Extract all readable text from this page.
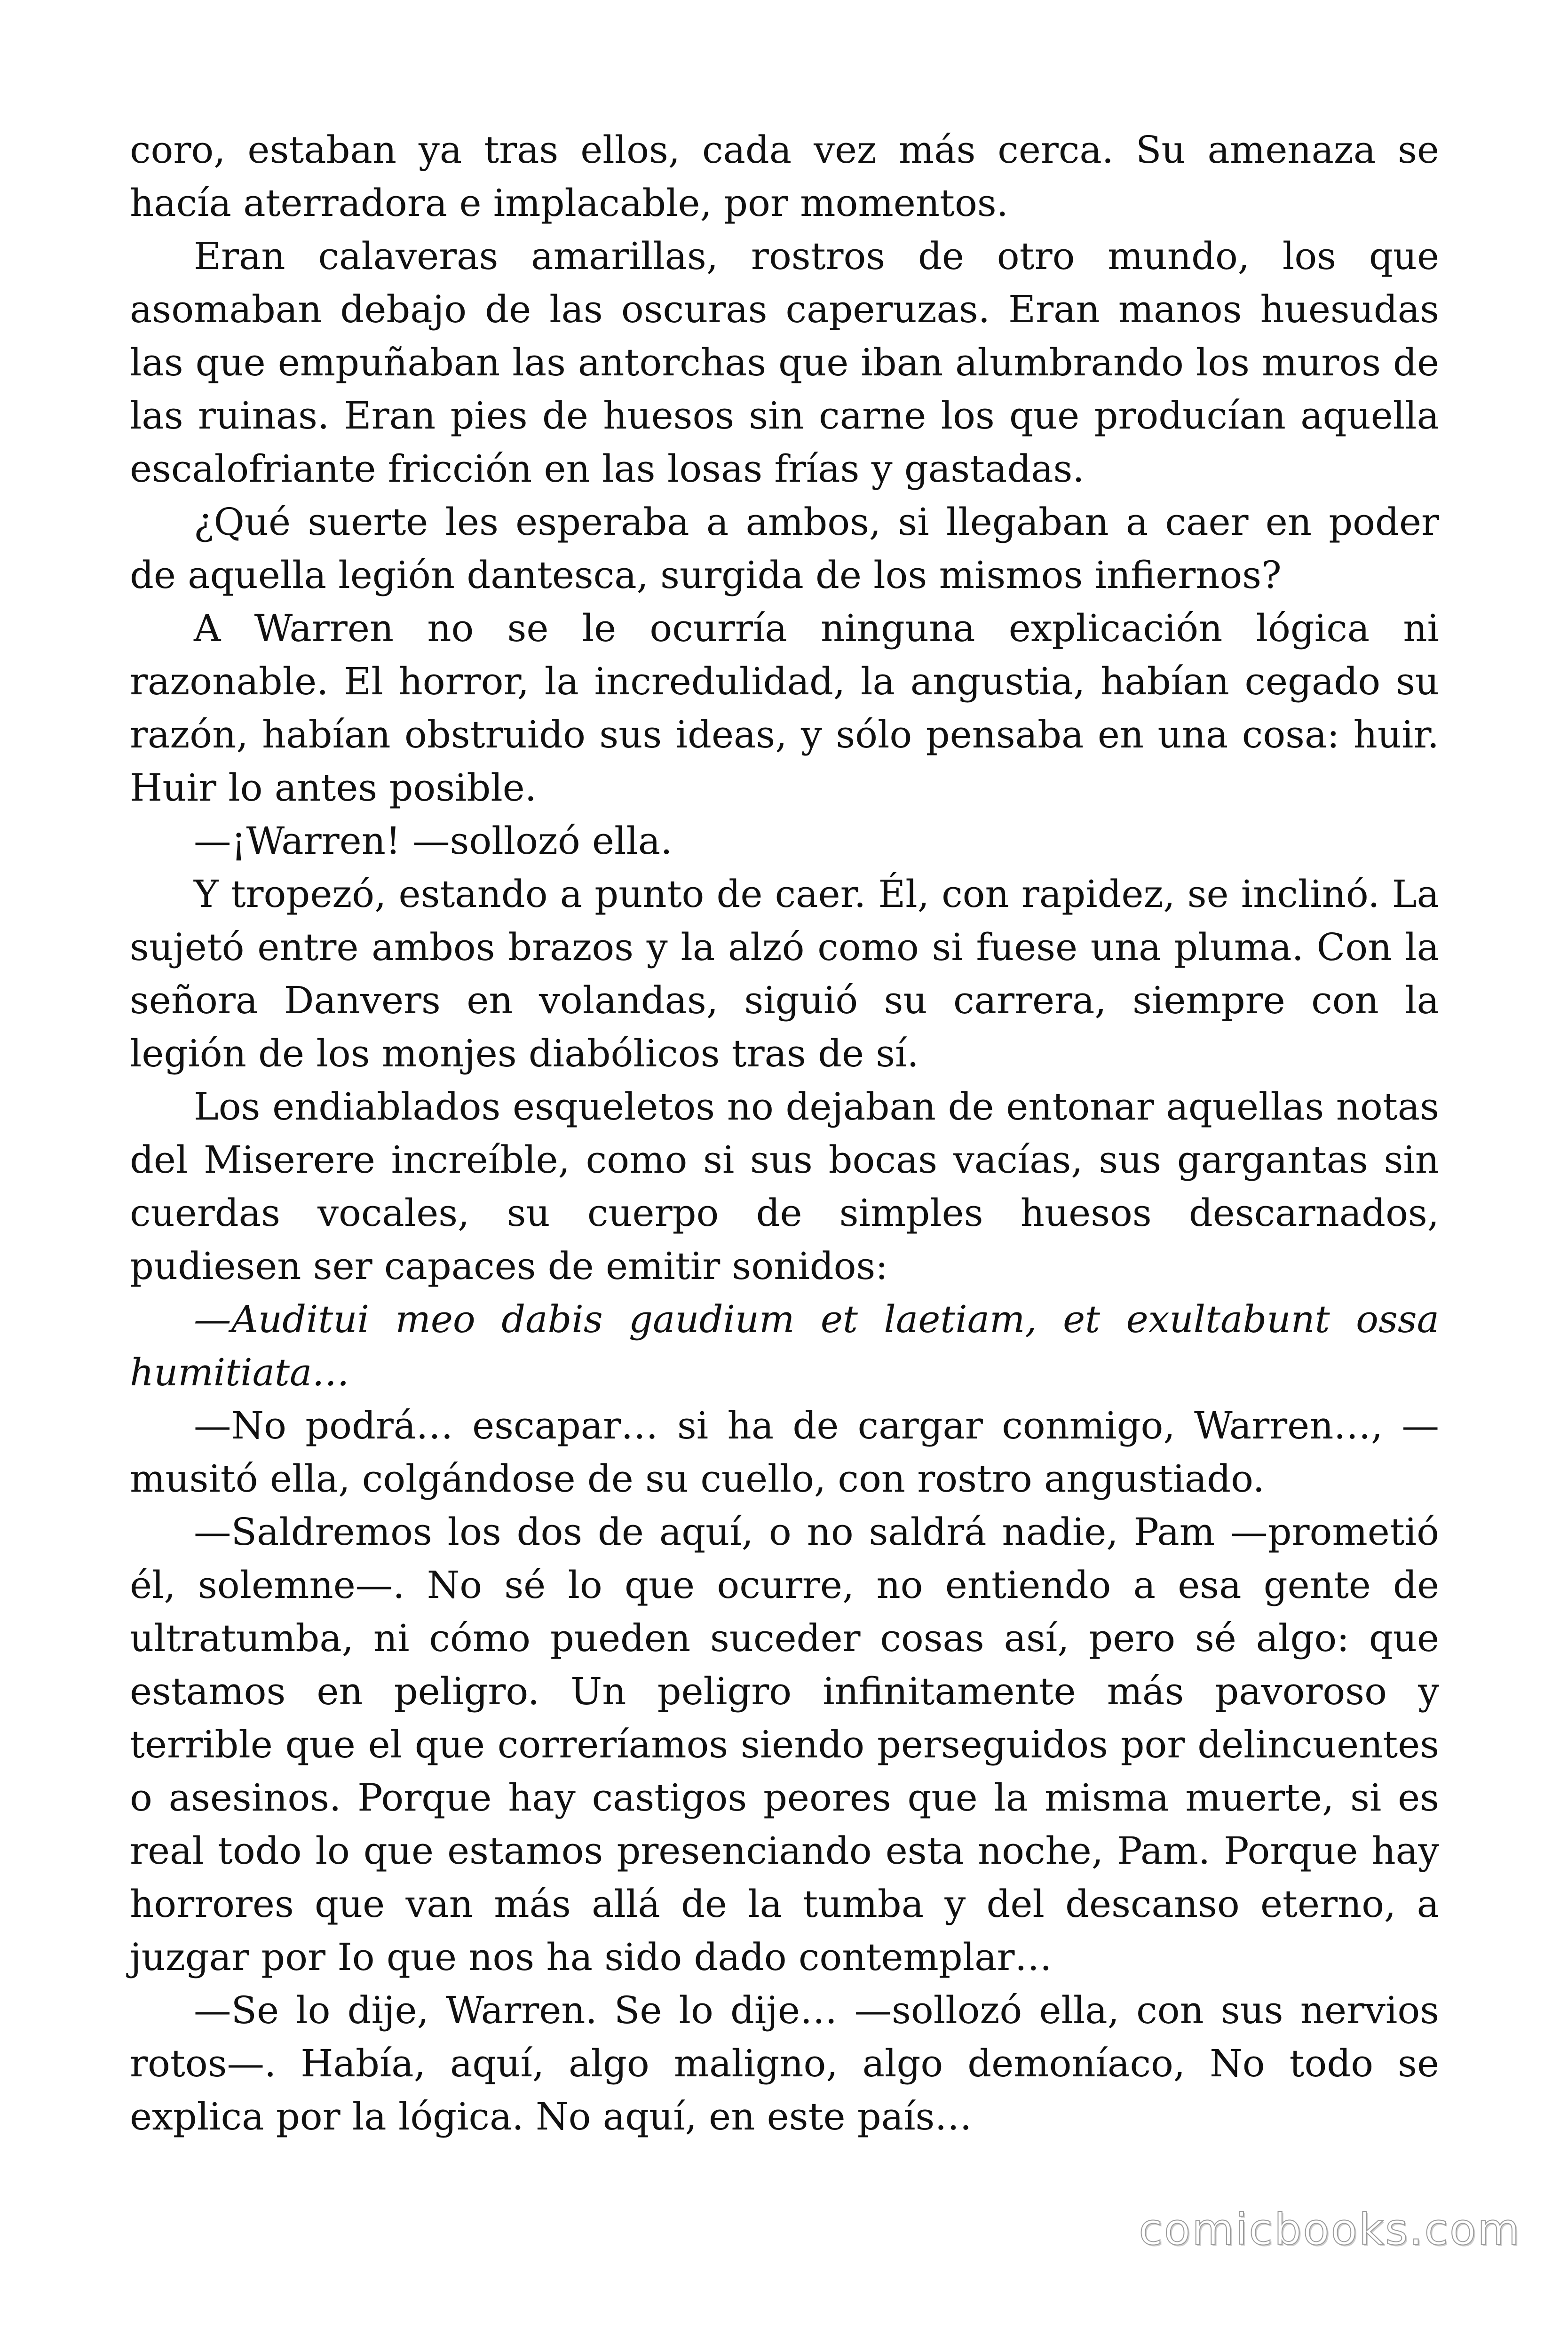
coro, estaban ya tras ellos, cada vez más cerca. Su amenaza se hacía aterradora e implacable, por momentos.

Eran calaveras amarillas, rostros de otro mundo, los que asomaban debajo de las oscuras caperuzas. Eran manos huesudas las que empuñaban las antorchas que iban alumbrando los muros de las ruinas. Eran pies de huesos sin carne los que producían aquella escalofriante fricción en las losas frías y gastadas.

¿Qué suerte les esperaba a ambos, si llegaban a caer en poder de aquella legión dantesca, surgida de los mismos infiernos?

A Warren no se le ocurría ninguna explicación lógica ni razonable. El horror, la incredulidad, la angustia, habían cegado su razón, habían obstruido sus ideas, y sólo pensaba en una cosa: huir. Huir lo antes posible.

—¡Warren! —sollozó ella.

Y tropezó, estando a punto de caer. Él, con rapidez, se inclinó. La sujetó entre ambos brazos y la alzó como si fuese una pluma. Con la señora Danvers en volandas, siguió su carrera, siempre con la legión de los monjes diabólicos tras de sí.

Los endiablados esqueletos no dejaban de entonar aquellas notas del Miserere increíble, como si sus bocas vacías, sus gargantas sin cuerdas vocales, su cuerpo de simples huesos descarnados, pudiesen ser capaces de emitir sonidos:

—Auditui meo dabis gaudium et laetiam, et exultabunt ossa humitiata…

—No podrá… escapar… si ha de cargar conmigo, Warren…, —musitó ella, colgándose de su cuello, con rostro angustiado.

—Saldremos los dos de aquí, o no saldrá nadie, Pam —prometió él, solemne—. No sé lo que ocurre, no entiendo a esa gente de ultratumba, ni cómo pueden suceder cosas así, pero sé algo: que estamos en peligro. Un peligro infinitamente más pavoroso y terrible que el que correríamos siendo perseguidos por delincuentes o asesinos. Porque hay castigos peores que la misma muerte, si es real todo lo que estamos presenciando esta noche, Pam. Porque hay horrores que van más allá de la tumba y del descanso eterno, a juzgar por Io que nos ha sido dado contemplar…

—Se lo dije, Warren. Se lo dije… —sollozó ella, con sus nervios rotos—. Había, aquí, algo maligno, algo demoníaco, No todo se explica por la lógica. No aquí, en este país…

comicbooks.com
